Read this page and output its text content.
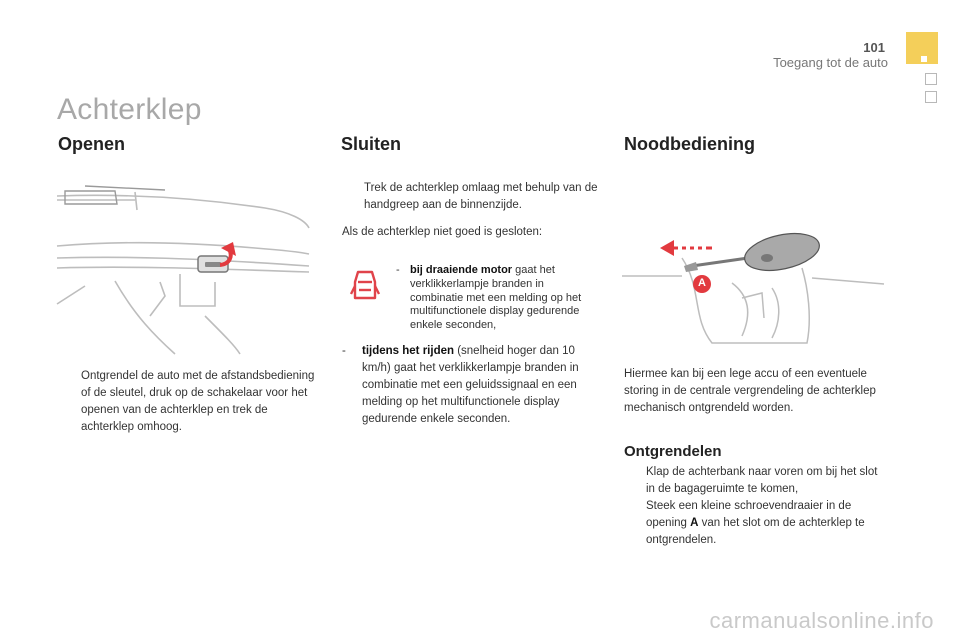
101
Toegang tot de auto
Achterklep
Openen
Ontgrendel de auto met de afstandsbediening of de sleutel, druk op de schakelaar voor het openen van de achterklep en trek de achterklep omhoog.
Sluiten
Trek de achterklep omlaag met behulp van de handgreep aan de binnenzijde.
Als de achterklep niet goed is gesloten:
- bij draaiende motor gaat het verklikkerlampje branden in combinatie met een melding op het multifunctionele display gedurende enkele seconden,
- tijdens het rijden (snelheid hoger dan 10 km/h) gaat het verklikkerlampje branden in combinatie met een geluidssignaal en een melding op het multifunctionele display gedurende enkele seconden.
Noodbediening
A
Hiermee kan bij een lege accu of een eventuele storing in de centrale vergrendeling de achterklep mechanisch ontgrendeld worden.
Ontgrendelen
Klap de achterbank naar voren om bij het slot in de bagageruimte te komen,
Steek een kleine schroevendraaier in de opening A van het slot om de achterklep te ontgrendelen.
carmanualsonline.info
